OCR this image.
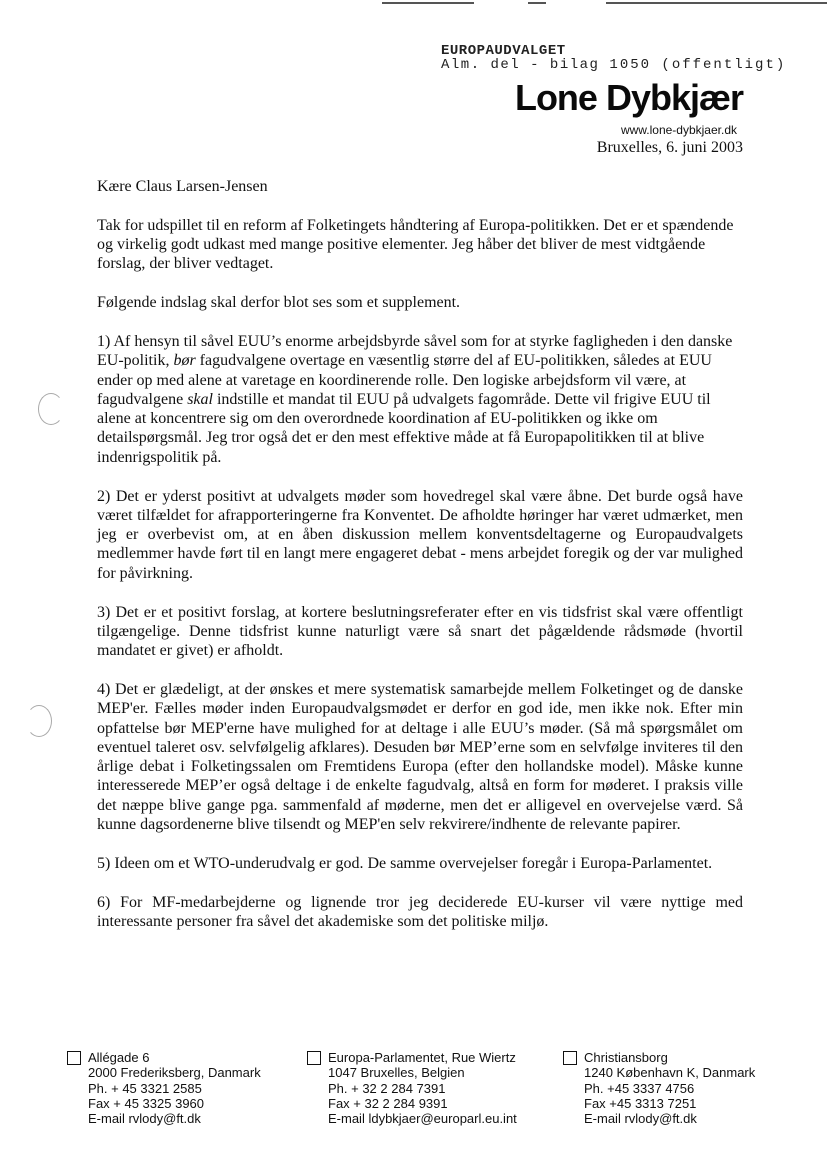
EUROPAUDVALGET
Alm. del - bilag 1050 (offentligt)
Lone Dybkjær
www.lone-dybkjaer.dk
Bruxelles, 6. juni 2003

Kære Claus Larsen-Jensen

Tak for udspillet til en reform af Folketingets håndtering af Europa-politikken. Det er et spændende og virkelig godt udkast med mange positive elementer. Jeg håber det bliver de mest vidtgående forslag, der bliver vedtaget.

Følgende indslag skal derfor blot ses som et supplement.

1) Af hensyn til såvel EUU’s enorme arbejdsbyrde såvel som for at styrke fagligheden i den danske EU-politik, bør fagudvalgene overtage en væsentlig større del af EU-politikken, således at EUU ender op med alene at varetage en koordinerende rolle. Den logiske arbejdsform vil være, at fagudvalgene skal indstille et mandat til EUU på udvalgets fagområde. Dette vil frigive EUU til alene at koncentrere sig om den overordnede koordination af EU-politikken og ikke om detailspørgsmål. Jeg tror også det er den mest effektive måde at få Europapolitikken til at blive indenrigspolitik på.

2) Det er yderst positivt at udvalgets møder som hovedregel skal være åbne. Det burde også have været tilfældet for afrapporteringerne fra Konventet. De afholdte høringer har været udmærket, men jeg er overbevist om, at en åben diskussion mellem konventsdeltagerne og Europaudvalgets medlemmer havde ført til en langt mere engageret debat - mens arbejdet foregik og der var mulighed for påvirkning.

3) Det er et positivt forslag, at kortere beslutningsreferater efter en vis tidsfrist skal være offentligt tilgængelige. Denne tidsfrist kunne naturligt være så snart det pågældende rådsmøde (hvortil mandatet er givet) er afholdt.

4) Det er glædeligt, at der ønskes et mere systematisk samarbejde mellem Folketinget og de danske MEP'er. Fælles møder inden Europaudvalgsmødet er derfor en god ide, men ikke nok. Efter min opfattelse bør MEP'erne have mulighed for at deltage i alle EUU’s møder. (Så må spørgsmålet om eventuel taleret osv. selvfølgelig afklares). Desuden bør MEP’erne som en selvfølge inviteres til den årlige debat i Folketingssalen om Fremtidens Europa (efter den hollandske model). Måske kunne interesserede MEP’er også deltage i de enkelte fagudvalg, altså en form for møderet. I praksis ville det næppe blive gange pga. sammenfald af møderne, men det er alligevel en overvejelse værd. Så kunne dagsordenerne blive tilsendt og MEP'en selv rekvirere/indhente de relevante papirer.

5) Ideen om et WTO-underudvalg er god. De samme overvejelser foregår i Europa-Parlamentet.

6) For MF-medarbejderne og lignende tror jeg deciderede EU-kurser vil være nyttige med interessante personer fra såvel det akademiske som det politiske miljø.

Allégade 6
2000 Frederiksberg, Danmark
Ph. + 45 3321 2585
Fax + 45 3325 3960
E-mail rvlody@ft.dk
Europa-Parlamentet, Rue Wiertz
1047 Bruxelles, Belgien
Ph. + 32 2 284 7391
Fax + 32 2 284 9391
E-mail ldybkjaer@europarl.eu.int
Christiansborg
1240 København K, Danmark
Ph. +45 3337 4756
Fax +45 3313 7251
E-mail rvlody@ft.dk
